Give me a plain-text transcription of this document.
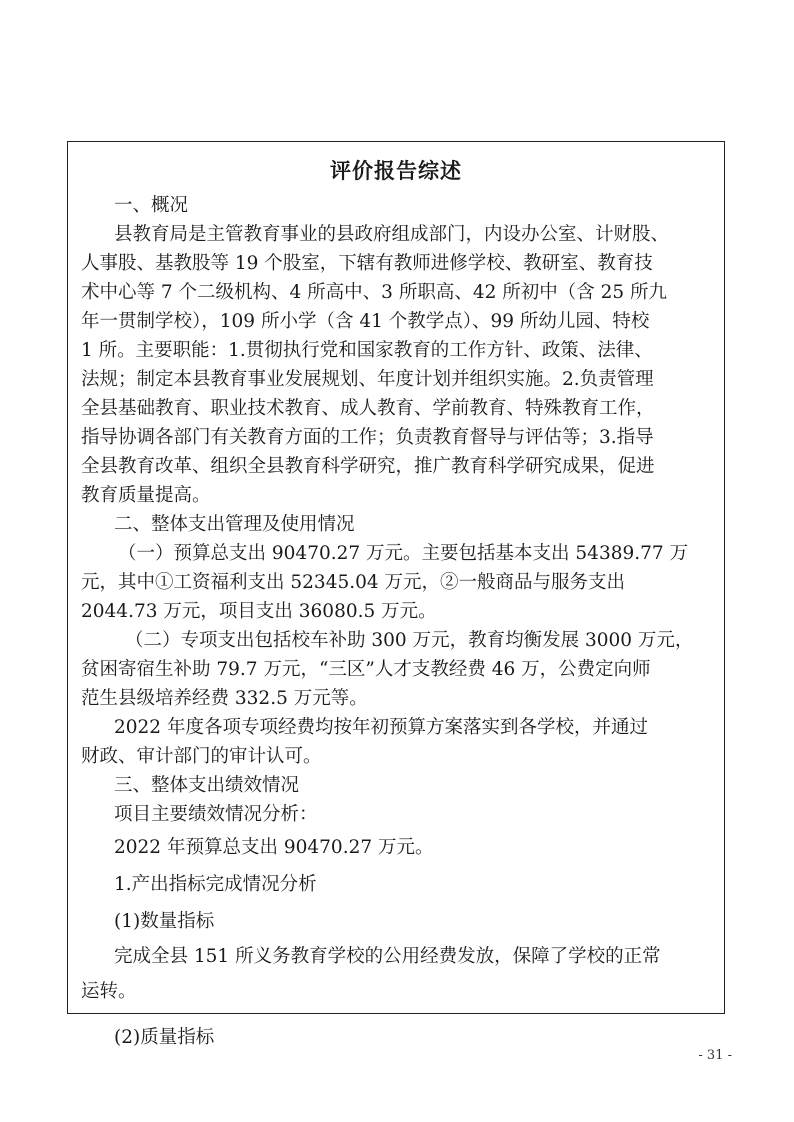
评价报告综述

一、概况

县教育局是主管教育事业的县政府组成部门，内设办公室、计财股、

人事股、基教股等 19 个股室，下辖有教师进修学校、教研室、教育技

术中心等 7 个二级机构、4 所高中、3 所职高、42 所初中（含 25 所九

年一贯制学校），109 所小学（含 41 个教学点）、99 所幼儿园、特校

1 所。主要职能：1.贯彻执行党和国家教育的工作方针、政策、法律、

法规；制定本县教育事业发展规划、年度计划并组织实施。2.负责管理

全县基础教育、职业技术教育、成人教育、学前教育、特殊教育工作，

指导协调各部门有关教育方面的工作；负责教育督导与评估等；3.指导

全县教育改革、组织全县教育科学研究，推广教育科学研究成果，促进

教育质量提高。

二、整体支出管理及使用情况

（一）预算总支出 90470.27 万元。主要包括基本支出 54389.77 万

元，其中①工资福利支出 52345.04 万元，②一般商品与服务支出

2044.73 万元，项目支出 36080.5 万元。

（二）专项支出包括校车补助 300 万元，教育均衡发展 3000 万元，

贫困寄宿生补助 79.7 万元，“三区”人才支教经费 46 万，公费定向师

范生县级培养经费 332.5 万元等。

2022 年度各项专项经费均按年初预算方案落实到各学校，并通过

财政、审计部门的审计认可。

三、整体支出绩效情况

项目主要绩效情况分析：

2022 年预算总支出 90470.27 万元。

1.产出指标完成情况分析

(1)数量指标

完成全县 151 所义务教育学校的公用经费发放，保障了学校的正常

运转。

(2)质量指标

- 31 -
